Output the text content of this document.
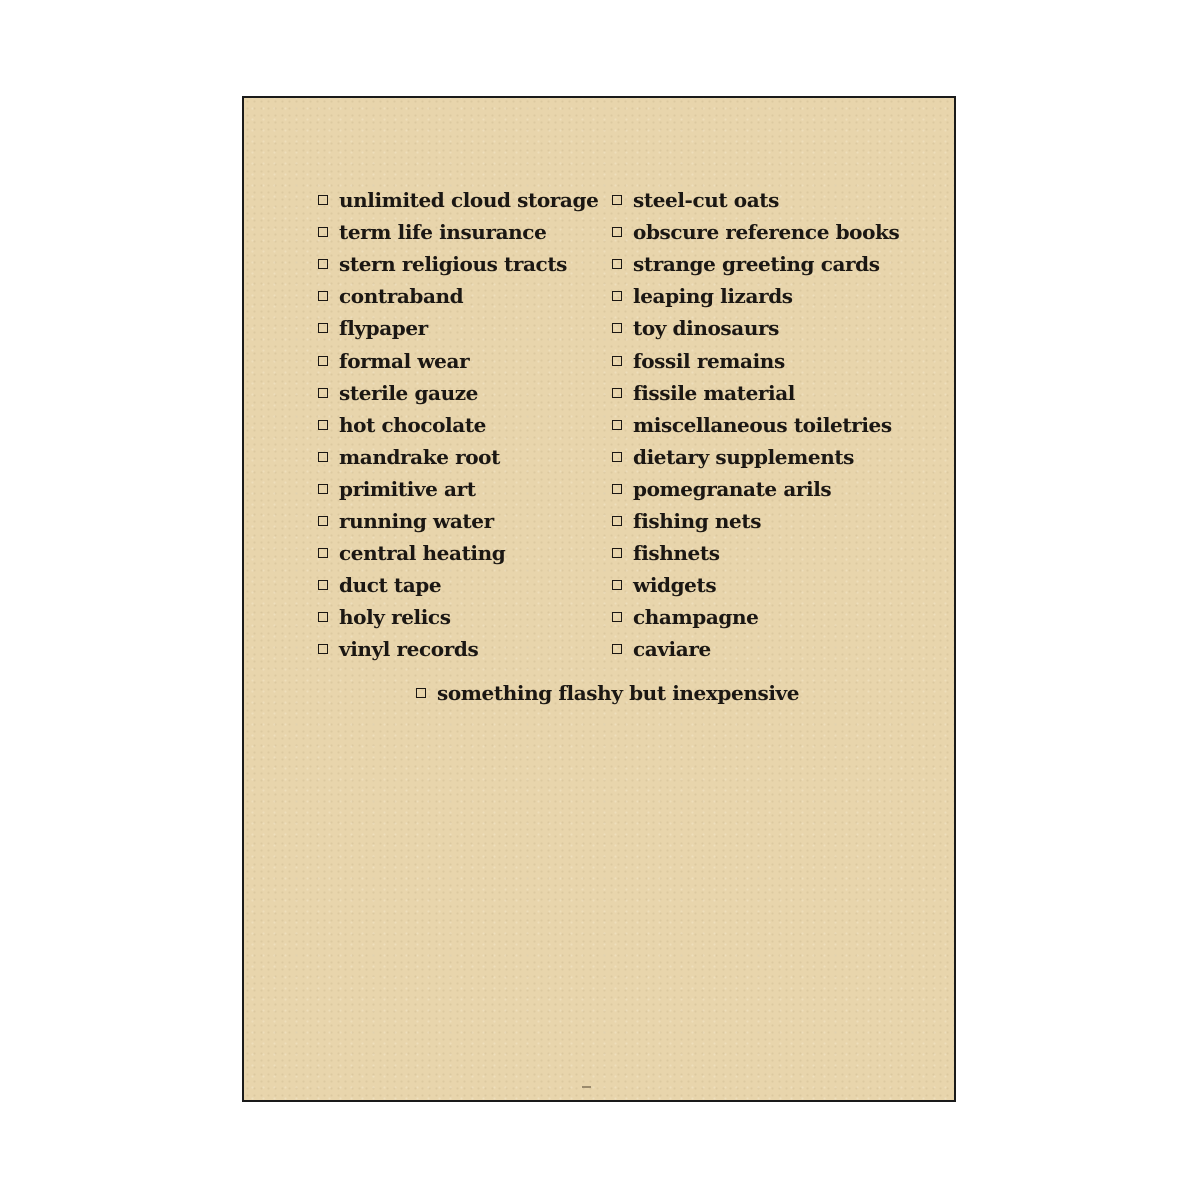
unlimited cloud storage
term life insurance
stern religious tracts
contraband
flypaper
formal wear
sterile gauze
hot chocolate
mandrake root
primitive art
running water
central heating
duct tape
holy relics
vinyl records
steel-cut oats
obscure reference books
strange greeting cards
leaping lizards
toy dinosaurs
fossil remains
fissile material
miscellaneous toiletries
dietary supplements
pomegranate arils
fishing nets
fishnets
widgets
champagne
caviare
something flashy but inexpensive
